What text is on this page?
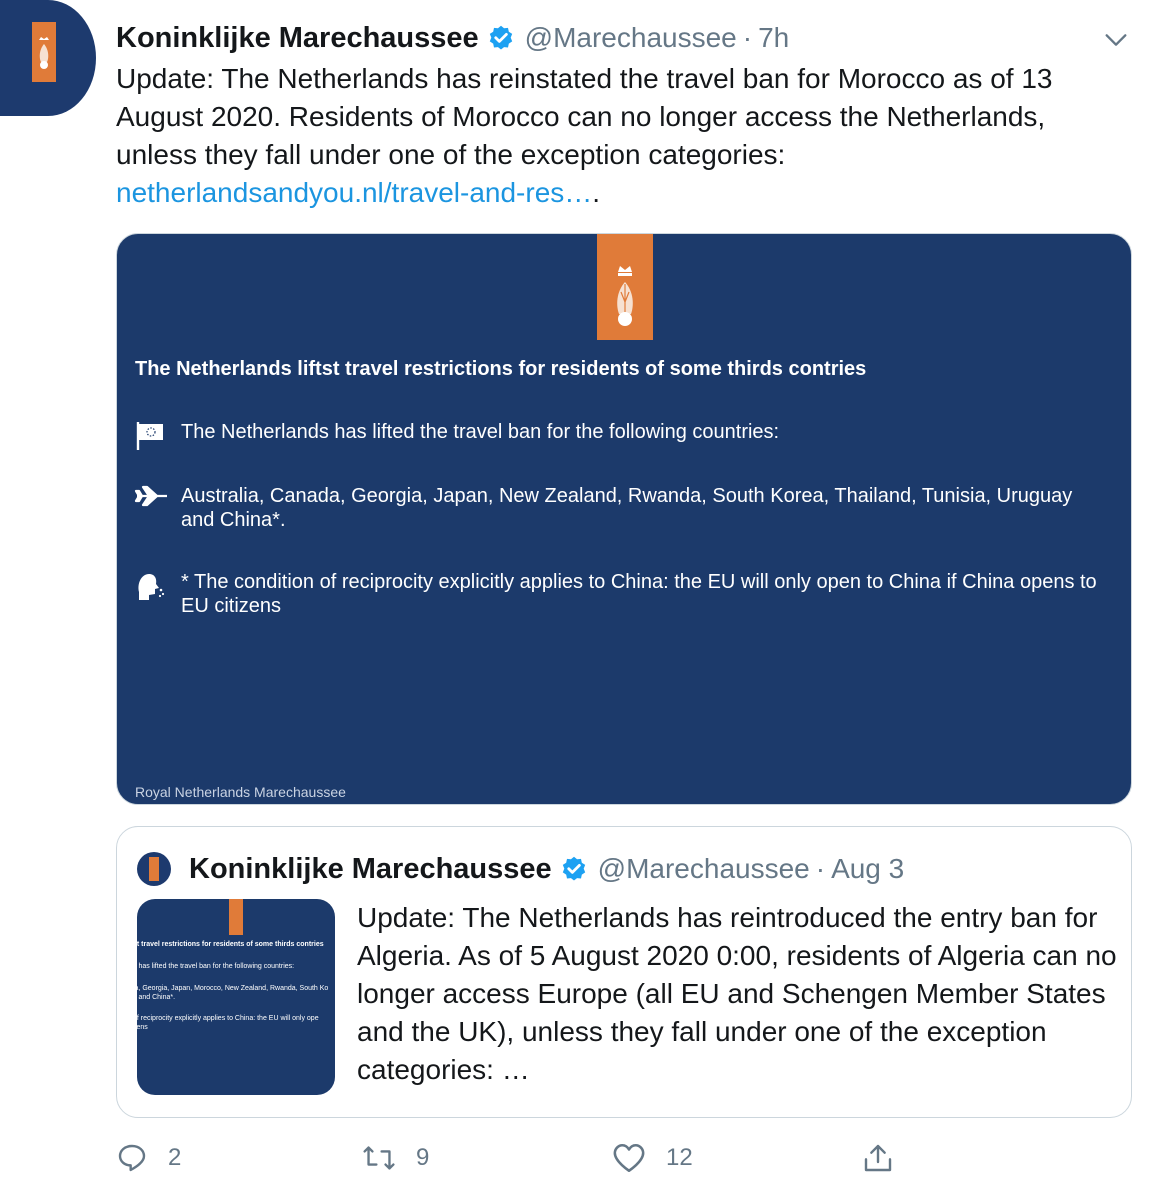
Koninklijke Marechaussee @Marechaussee · 7h
Update: The Netherlands has reinstated the travel ban for Morocco as of 13 August 2020. Residents of Morocco can no longer access the Netherlands, unless they fall under one of the exception categories: netherlandsandyou.nl/travel-and-res….
The Netherlands liftst travel restrictions for residents of some thirds contries
The Netherlands has lifted the travel ban for the following countries:
Australia, Canada, Georgia, Japan, New Zealand, Rwanda, South Korea, Thailand, Tunisia, Uruguay and China*.
* The condition of reciprocity explicitly applies to China: the EU will only open to China if China opens to EU citizens
Royal Netherlands Marechaussee
Koninklijke Marechaussee @Marechaussee · Aug 3
st travel restrictions for residents of some thirds contries
s has lifted the travel ban for the following countries:
ia, Georgia, Japan, Morocco, New Zealand, Rwanda, South Ko
y and China*.
of reciprocity explicitly applies to China: the EU will only ope
zens
Update: The Netherlands has reintroduced the entry ban for Algeria. As of 5 August 2020 0:00, residents of Algeria can no longer access Europe (all EU and Schengen Member States and the UK), unless they fall under one of the exception categories: …
2	9	12
